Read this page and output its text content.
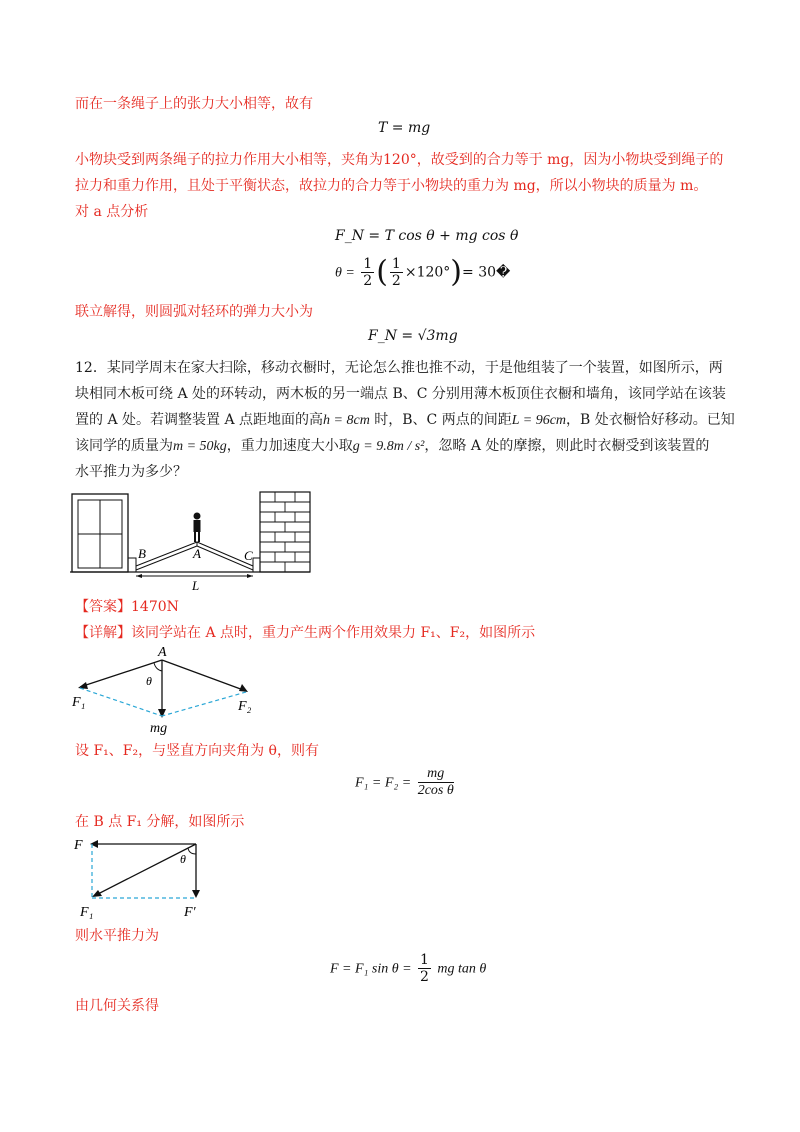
而在一条绳子上的张力大小相等，故有
T = mg
小物块受到两条绳子的拉力作用大小相等，夹角为120°，故受到的合力等于 mg，因为小物块受到绳子的
拉力和重力作用，且处于平衡状态，故拉力的合力等于小物块的重力为 mg，所以小物块的质量为 m。
对 a 点分析
F_N = T cos θ + mg cos θ
$\theta = \frac{1}{2}$ ( $\frac{1}{2} \times 120^\circ)=$ 30�
联立解得，则圆弧对轻环的弹力大小为
F_N = √3mg
12．某同学周末在家大扫除，移动衣橱时，无论怎么推也推不动，于是他组装了一个装置，如图所示，两
块相同木板可绕 A 处的环转动，两木板的另一端点 B、C 分别用薄木板顶住衣橱和墙角，该同学站在该装
置的 A 处。若调整装置 A 点距地面的高h = 8cm 时，B、C 两点的间距L = 96cm，B 处衣橱恰好移动。已知
该同学的质量为m = 50kg，重力加速度大小取g = 9.8m / s²，忽略 A 处的摩擦，则此时衣橱受到该装置的
水平推力为多少？
B	A	C
L
【答案】1470N
【详解】该同学站在 A 点时，重力产生两个作用效果力 F₁、F₂，如图所示
A
θ
F₁	F₂
mg
设 F₁、F₂，与竖直方向夹角为 θ，则有
$F_1 = F_2 = \frac{mg}{\text{2cos θ}}$
在 B 点 F₁ 分解，如图所示
F
θ
F₁	F′
则水平推力为
F = F₁ $\sin \theta = \frac{1}{2}$ mg tan θ
由几何关系得
